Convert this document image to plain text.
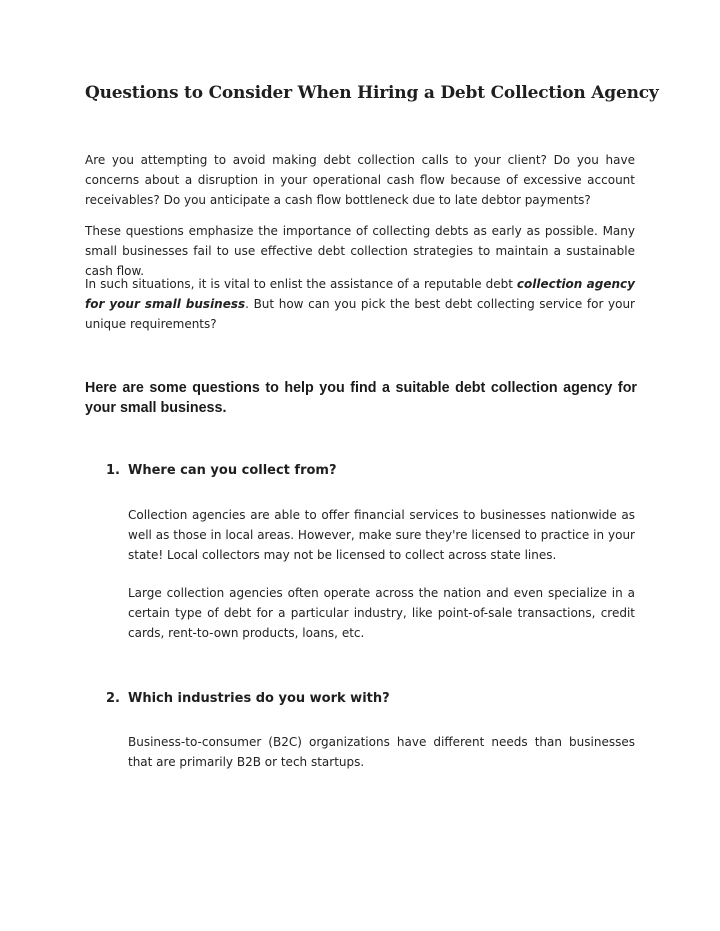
Questions to Consider When Hiring a Debt Collection Agency

Are you attempting to avoid making debt collection calls to your client? Do you have concerns about a disruption in your operational cash flow because of excessive account receivables? Do you anticipate a cash flow bottleneck due to late debtor payments?

These questions emphasize the importance of collecting debts as early as possible. Many small businesses fail to use effective debt collection strategies to maintain a sustainable cash flow.

In such situations, it is vital to enlist the assistance of a reputable debt collection agency for your small business. But how can you pick the best debt collecting service for your unique requirements?

Here are some questions to help you find a suitable debt collection agency for your small business.

1. Where can you collect from?

Collection agencies are able to offer financial services to businesses nationwide as well as those in local areas. However, make sure they're licensed to practice in your state! Local collectors may not be licensed to collect across state lines.

Large collection agencies often operate across the nation and even specialize in a certain type of debt for a particular industry, like point-of-sale transactions, credit cards, rent-to-own products, loans, etc.

2. Which industries do you work with?

Business-to-consumer (B2C) organizations have different needs than businesses that are primarily B2B or tech startups.
